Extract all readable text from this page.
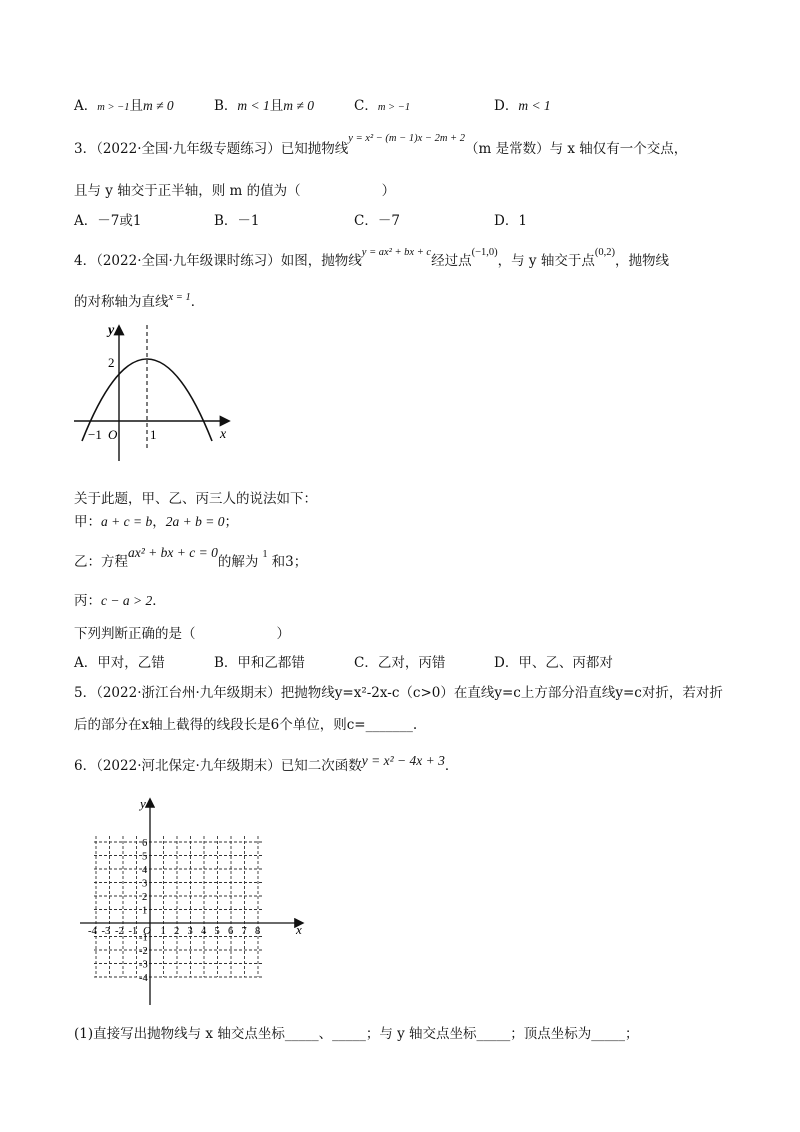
A．m > −1且m ≠ 0	B．m < 1且m ≠ 0	C．m > −1	D．m < 1
3．（2022·全国·九年级专题练习）已知抛物线$^{y = x^2 - (m - 1)x - 2m + 2}$（m 是常数）与 x 轴仅有一个交点，
且与 y 轴交于正半轴，则 m 的值为（　　　　　　）
A．－7或1	B．－1	C．－7	D．1
4．（2022·全国·九年级课时练习）如图，抛物线$^{y = ax^2 + bx + c}$经过点$^{(-1,0)}$，与 y 轴交于点$^{(0,2)}$，抛物线
的对称轴为直线$^{x = 1}$．
y
x
2
−1 O	1
关于此题，甲、乙、丙三人的说法如下：
甲：a + c = b，2a + b = 0；
乙：方程ax² + bx + c = 0的解为 $^1$ 和3；
丙：c − a > 2．
下列判断正确的是（　　　　　　）
A．甲对，乙错	B．甲和乙都错	C．乙对，丙错	D．甲、乙、丙都对
5．（2022·浙江台州·九年级期末）把抛物线y=x²-2x-c（c>0）在直线y=c上方部分沿直线y=c对折，若对折
后的部分在x轴上截得的线段长是6个单位，则c=_______.
6．（2022·河北保定·九年级期末）已知二次函数y = x² − 4x + 3．
y
x
O
-4 -3 -2 -1 1 2 3 4 5 6 7 8
6
5
4
3
2
1
-1
-2
-3
-4
(1)直接写出抛物线与 x 轴交点坐标_____、_____；与 y 轴交点坐标_____；顶点坐标为_____；
